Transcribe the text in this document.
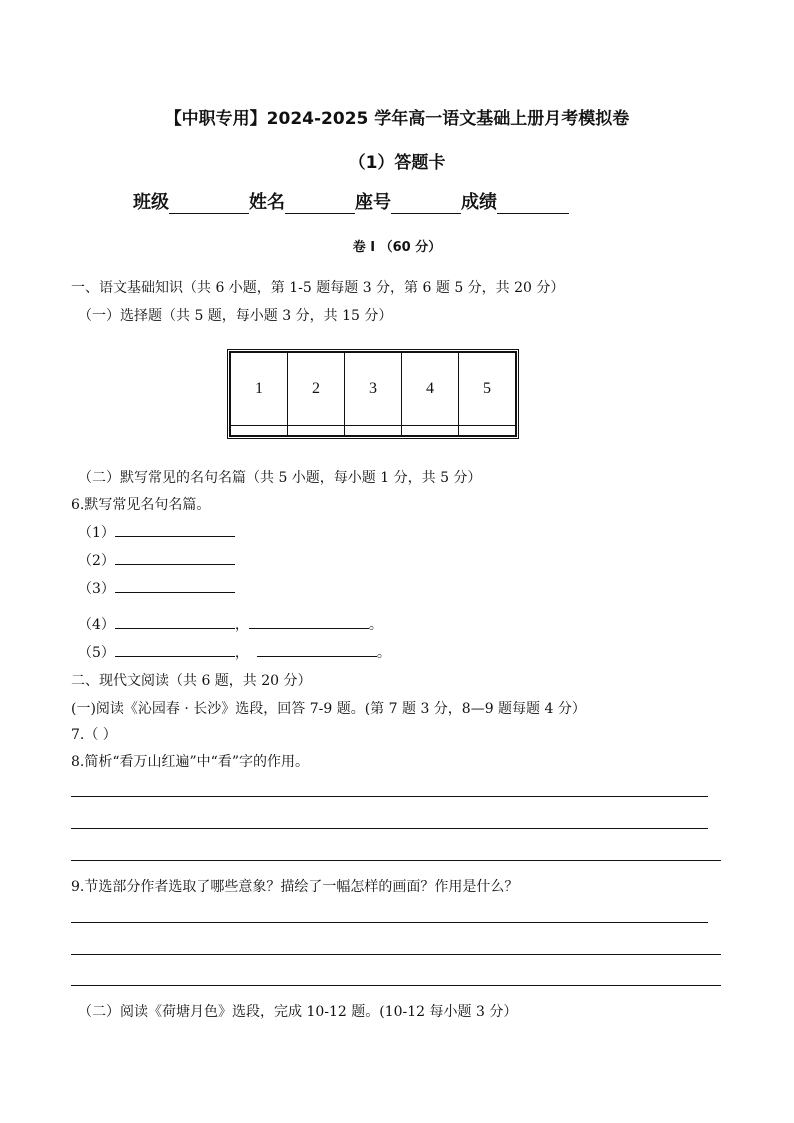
【中职专用】2024-2025 学年高一语文基础上册月考模拟卷
（1）答题卡
班级	姓名	座号	成绩
卷 I （60 分）
一、语文基础知识（共 6 小题，第 1-5 题每题 3 分，第 6 题 5 分，共 20 分）
（一）选择题（共 5 题，每小题 3 分，共 15 分）
1	2	3	4	5

（二）默写常见的名句名篇（共 5 小题，每小题 1 分，共 5 分）
6.默写常见名句名篇。
（1）
（2）
（3）
（4）	，	。
（5）	，	。
二、现代文阅读（共 6 题，共 20 分）
(一)阅读《沁园春 · 长沙》选段，回答 7-9 题。(第 7 题 3 分，8—9 题每题 4 分）
7.（ ）
8.简析“看万山红遍”中“看”字的作用。
9.节选部分作者选取了哪些意象？描绘了一幅怎样的画面？作用是什么？
（二）阅读《荷塘月色》选段，完成 10-12 题。(10-12 每小题 3 分）
